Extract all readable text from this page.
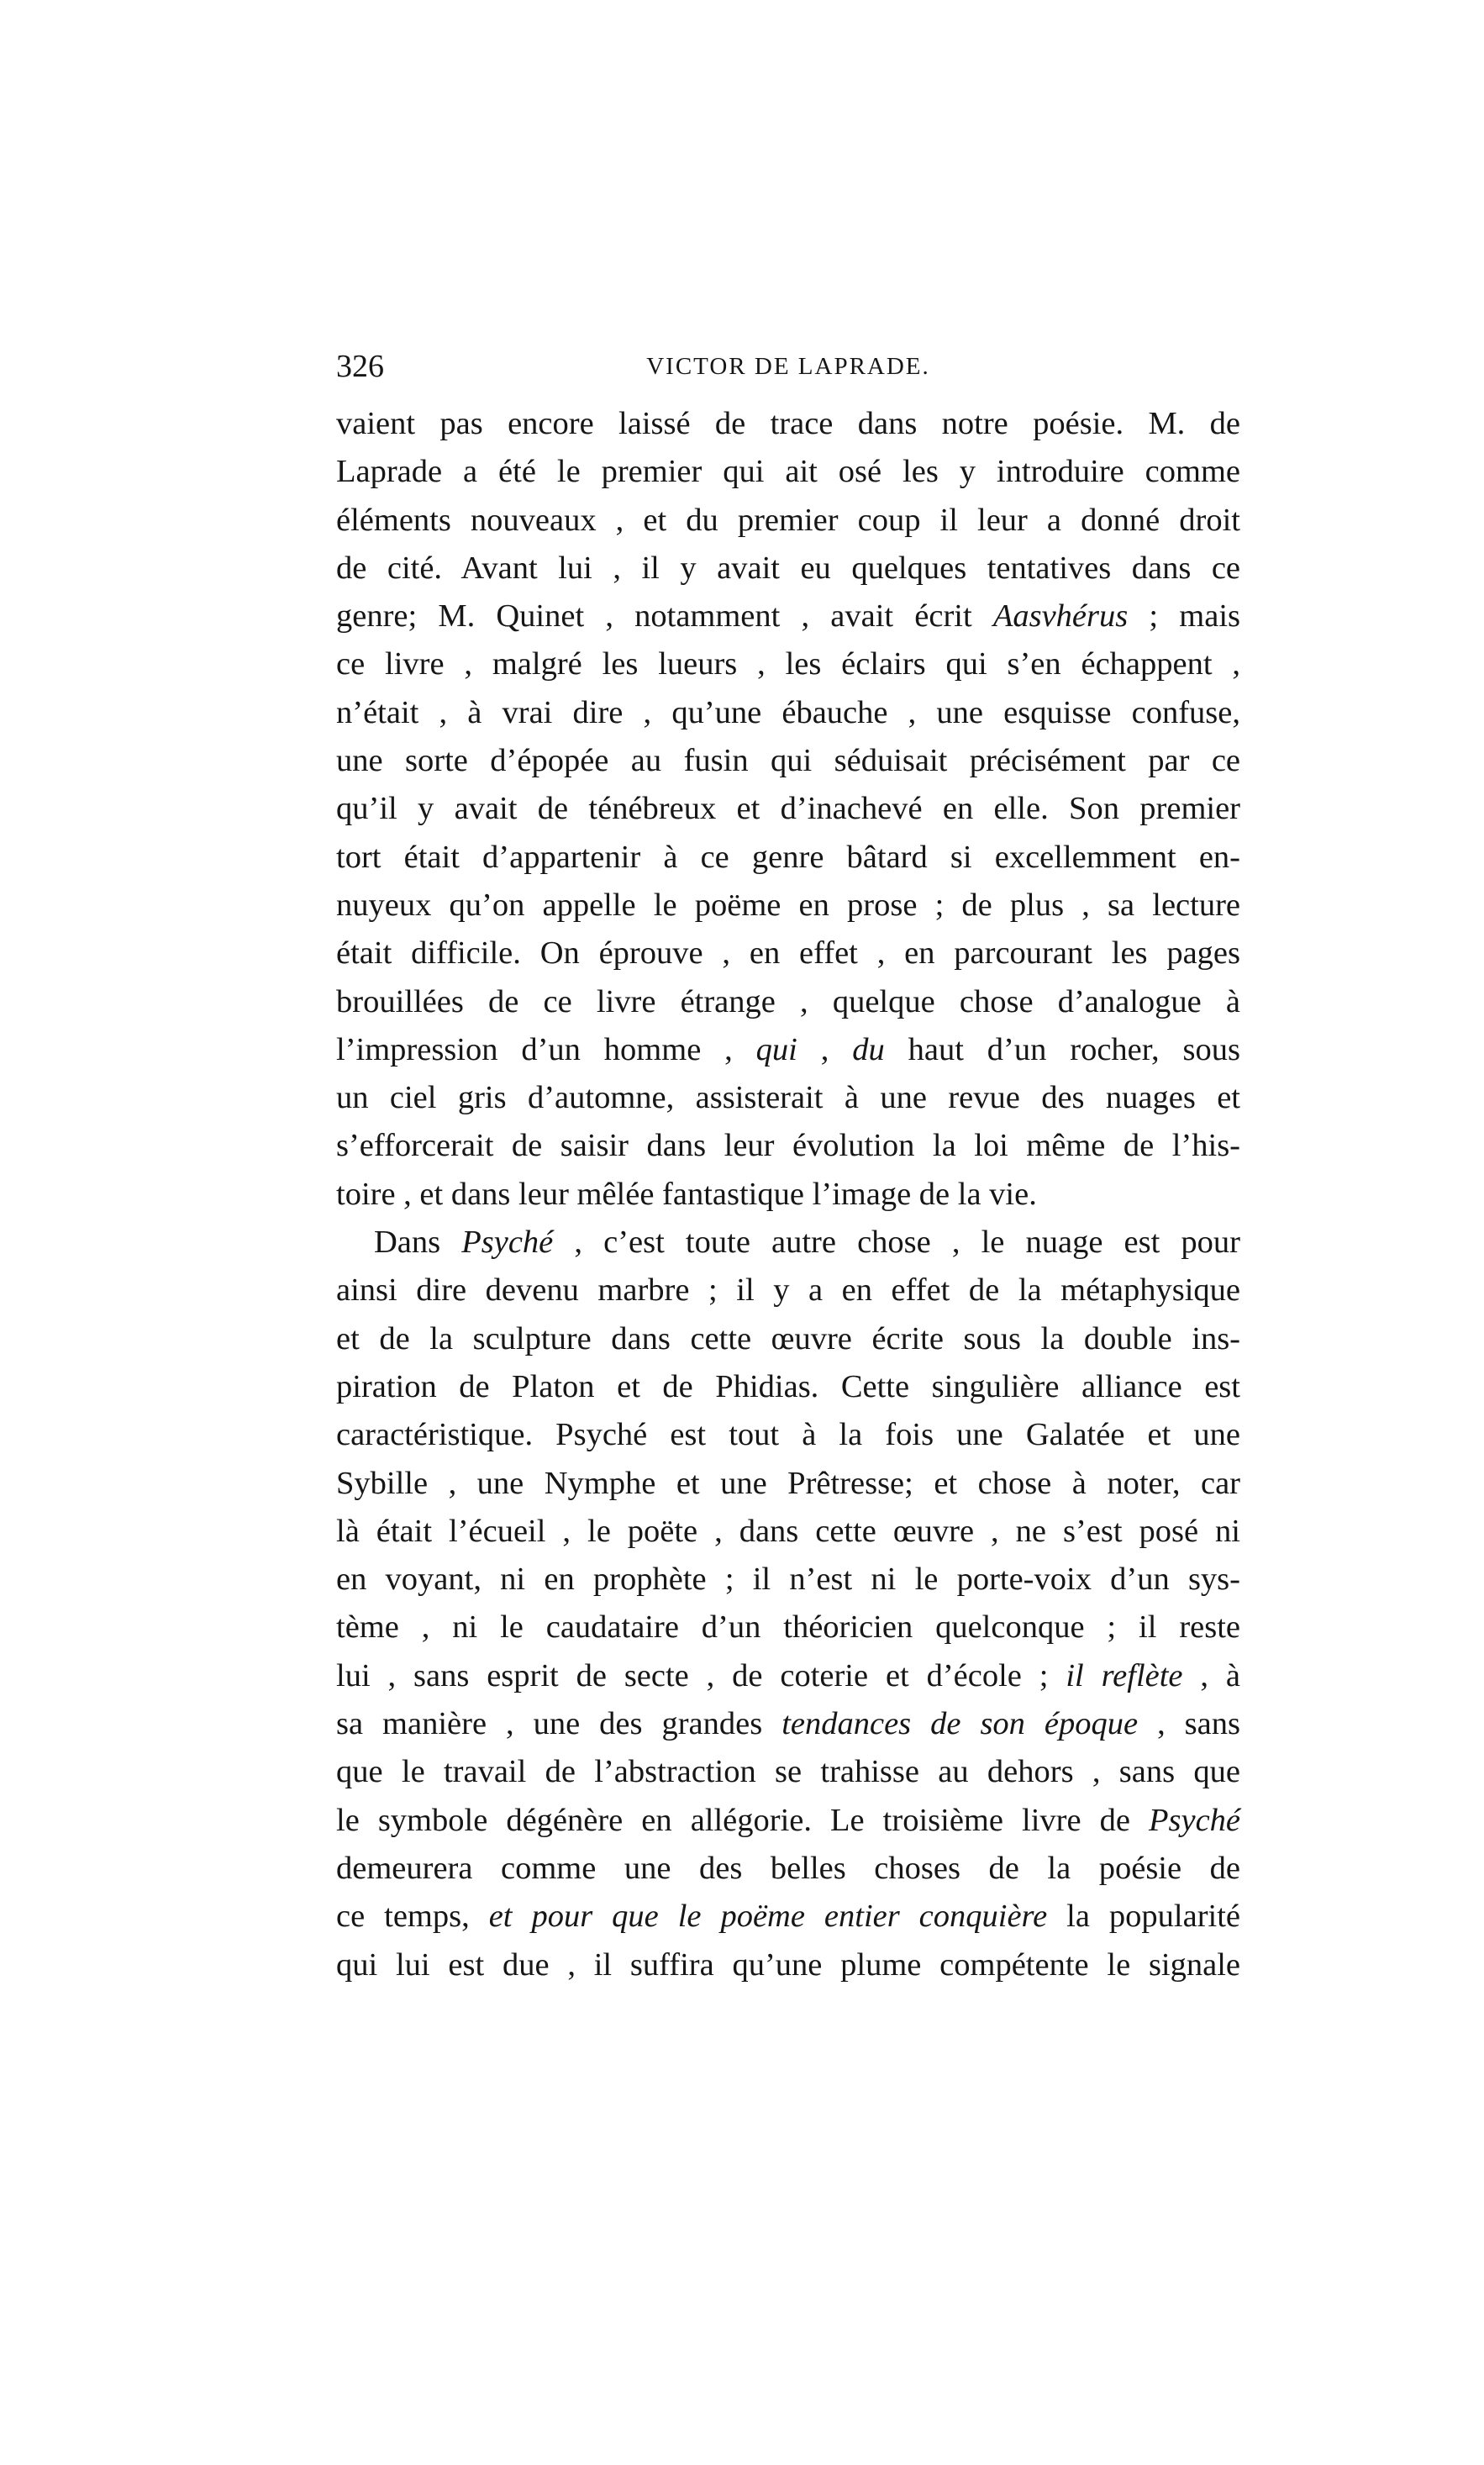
326	VICTOR DE LAPRADE.
vaient pas encore laissé de trace dans notre poésie. M. de
Laprade a été le premier qui ait osé les y introduire comme
éléments nouveaux , et du premier coup il leur a donné droit
de cité. Avant lui , il y avait eu quelques tentatives dans ce
genre; M. Quinet , notamment , avait écrit Aasvhérus ; mais
ce livre , malgré les lueurs , les éclairs qui s’en échappent ,
n’était , à vrai dire , qu’une ébauche , une esquisse confuse,
une sorte d’épopée au fusin qui séduisait précisément par ce
qu’il y avait de ténébreux et d’inachevé en elle. Son premier
tort était d’appartenir à ce genre bâtard si excellemment en-
nuyeux qu’on appelle le poëme en prose ; de plus , sa lecture
était difficile. On éprouve , en effet , en parcourant les pages
brouillées de ce livre étrange , quelque chose d’analogue à
l’impression d’un homme , qui , du haut d’un rocher, sous
un ciel gris d’automne, assisterait à une revue des nuages et
s’efforcerait de saisir dans leur évolution la loi même de l’his-
toire , et dans leur mêlée fantastique l’image de la vie.
Dans Psyché , c’est toute autre chose , le nuage est pour
ainsi dire devenu marbre ; il y a en effet de la métaphysique
et de la sculpture dans cette œuvre écrite sous la double ins-
piration de Platon et de Phidias. Cette singulière alliance est
caractéristique. Psyché est tout à la fois une Galatée et une
Sybille , une Nymphe et une Prêtresse; et chose à noter, car
là était l’écueil , le poëte , dans cette œuvre , ne s’est posé ni
en voyant, ni en prophète ; il n’est ni le porte-voix d’un sys-
tème , ni le caudataire d’un théoricien quelconque ; il reste
lui , sans esprit de secte , de coterie et d’école ; il reflète , à
sa manière , une des grandes tendances de son époque , sans
que le travail de l’abstraction se trahisse au dehors , sans que
le symbole dégénère en allégorie. Le troisième livre de Psyché
demeurera comme une des belles choses de la poésie de
ce temps, et pour que le poëme entier conquière la popularité
qui lui est due , il suffira qu’une plume compétente le signale
